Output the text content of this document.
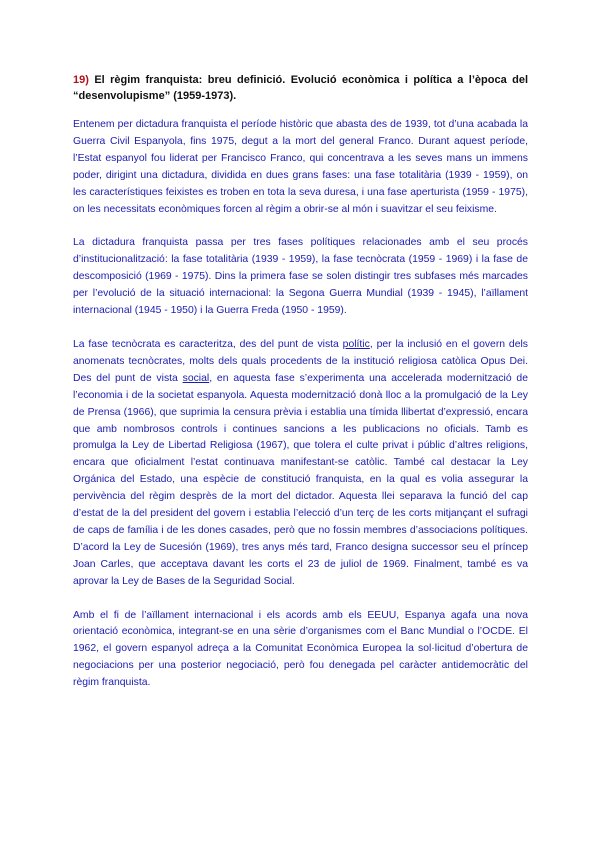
19) El règim franquista: breu definició. Evolució econòmica i política a l’època del “desenvolupisme” (1959-1973).

Entenem per dictadura franquista el període històric que abasta des de 1939, tot d’una acabada la Guerra Civil Espanyola, fins 1975, degut a la mort del general Franco. Durant aquest període, l’Estat espanyol fou liderat per Francisco Franco, qui concentrava a les seves mans un immens poder, dirigint una dictadura, dividida en dues grans fases: una fase totalitària (1939 - 1959), on les característiques feixistes es troben en tota la seva duresa, i una fase aperturista (1959 - 1975), on les necessitats econòmiques forcen al règim a obrir-se al món i suavitzar el seu feixisme.

La dictadura franquista passa per tres fases polítiques relacionades amb el seu procés d’institucionalització: la fase totalitària (1939 - 1959), la fase tecnòcrata (1959 - 1969) i la fase de descomposició (1969 - 1975). Dins la primera fase se solen distingir tres subfases més marcades per l’evolució de la situació internacional: la Segona Guerra Mundial (1939 - 1945), l’aïllament internacional (1945 - 1950) i la Guerra Freda (1950 - 1959).

La fase tecnòcrata es caracteritza, des del punt de vista polític, per la inclusió en el govern dels anomenats tecnòcrates, molts dels quals procedents de la institució religiosa catòlica Opus Dei. Des del punt de vista social, en aquesta fase s’experimenta una accelerada modernització de l’economia i de la societat espanyola. Aquesta modernització donà lloc a la promulgació de la Ley de Prensa (1966), que suprimia la censura prèvia i establia una tímida llibertat d’expressió, encara que amb nombrosos controls i continues sancions a les publicacions no oficials. Tamb es promulga la Ley de Libertad Religiosa (1967), que tolera el culte privat i públic d’altres religions, encara que oficialment l’estat continuava manifestant-se catòlic. També cal destacar la Ley Orgánica del Estado, una espècie de constitució franquista, en la qual es volia assegurar la pervivència del règim desprès de la mort del dictador. Aquesta llei separava la funció del cap d’estat de la del president del govern i establia l’elecció d’un terç de les corts mitjançant el sufragi de caps de família i de les dones casades, però que no fossin membres d’associacions polítiques. D’acord la Ley de Sucesión (1969), tres anys més tard, Franco designa successor seu el príncep Joan Carles, que acceptava davant les corts el 23 de juliol de 1969. Finalment, també es va aprovar la Ley de Bases de la Seguridad Social.

Amb el fi de l’aïllament internacional i els acords amb els EEUU, Espanya agafa una nova orientació econòmica, integrant-se en una sèrie d’organismes com el Banc Mundial o l’OCDE. El 1962, el govern espanyol adreça a la Comunitat Econòmica Europea la sol·licitud d’obertura de negociacions per una posterior negociació, però fou denegada pel caràcter antidemocràtic del règim franquista.
